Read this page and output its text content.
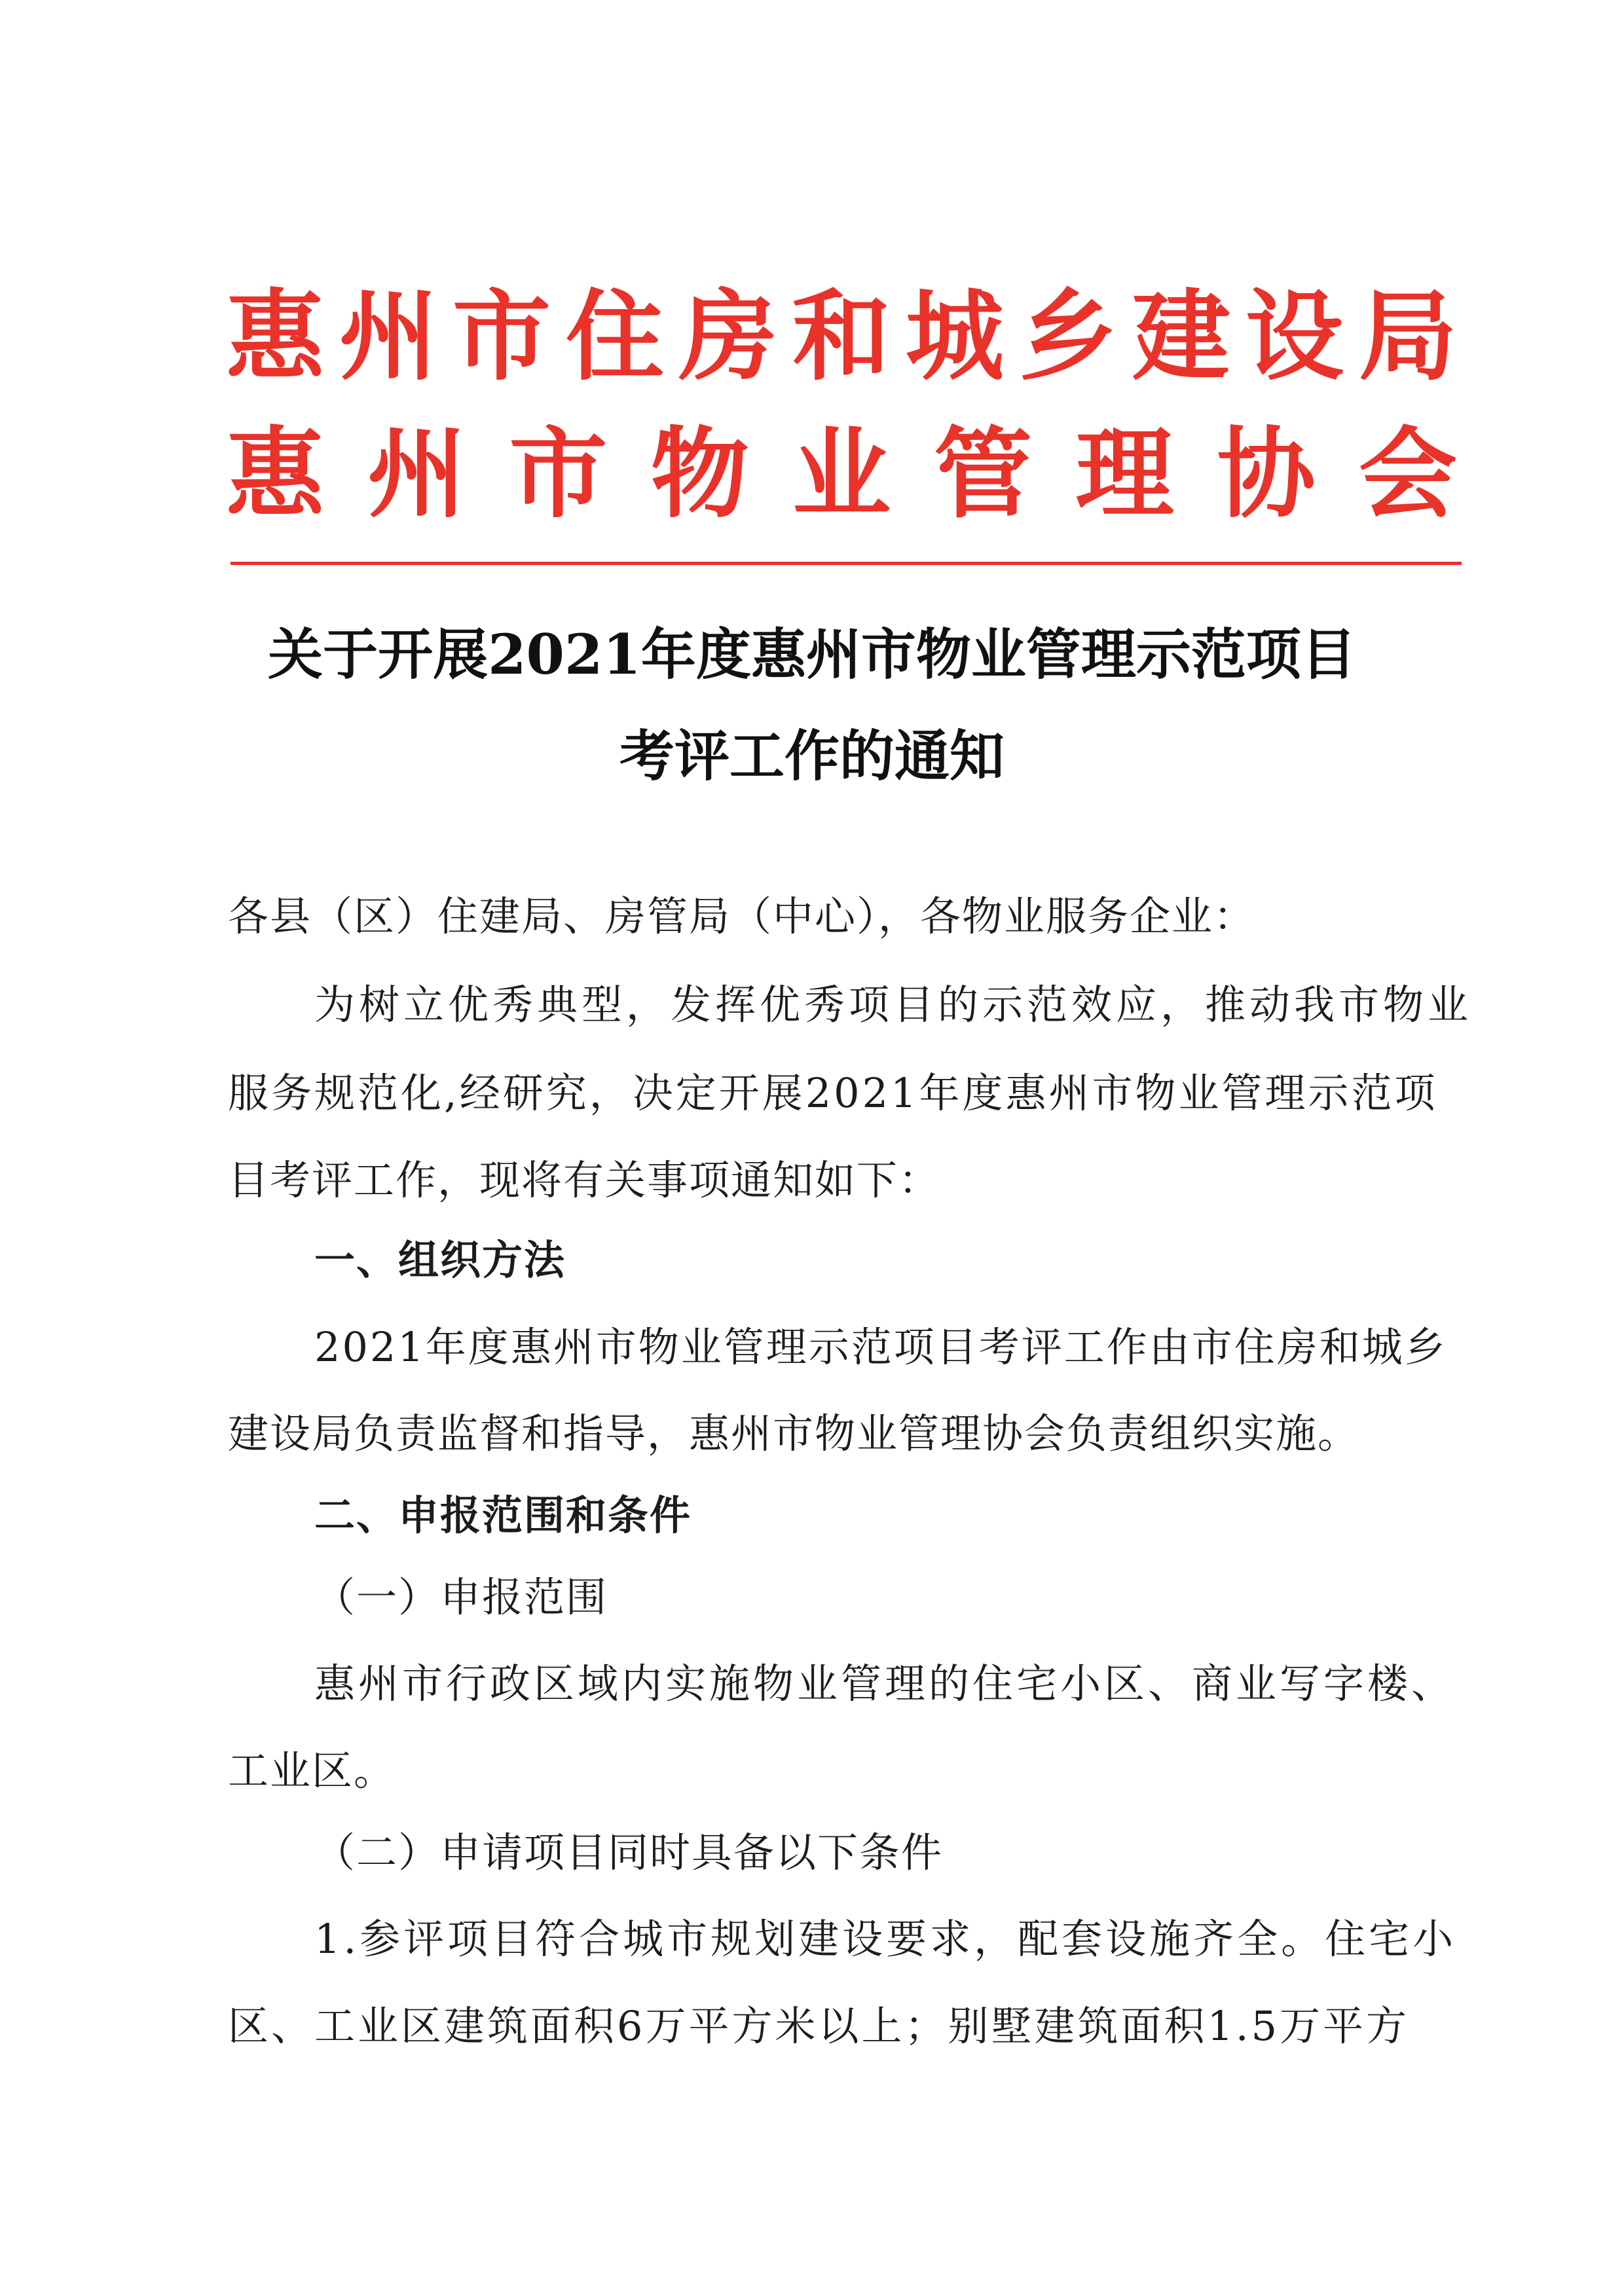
惠 州 市 住 房 和 城 乡 建 设 局
惠 州 市 物 业 管 理 协 会
关于开展2021年度惠州市物业管理示范项目
考评工作的通知
各县（区）住建局、房管局（中心），各物业服务企业：
为树立优秀典型，发挥优秀项目的示范效应，推动我市物业
服务规范化,经研究，决定开展2021年度惠州市物业管理示范项
目考评工作，现将有关事项通知如下：
一、组织方法
2021年度惠州市物业管理示范项目考评工作由市住房和城乡
建设局负责监督和指导，惠州市物业管理协会负责组织实施。
二、申报范围和条件
（一）申报范围
惠州市行政区域内实施物业管理的住宅小区、商业写字楼、
工业区。
（二）申请项目同时具备以下条件
1.参评项目符合城市规划建设要求，配套设施齐全。住宅小
区、工业区建筑面积6万平方米以上；别墅建筑面积1.5万平方
